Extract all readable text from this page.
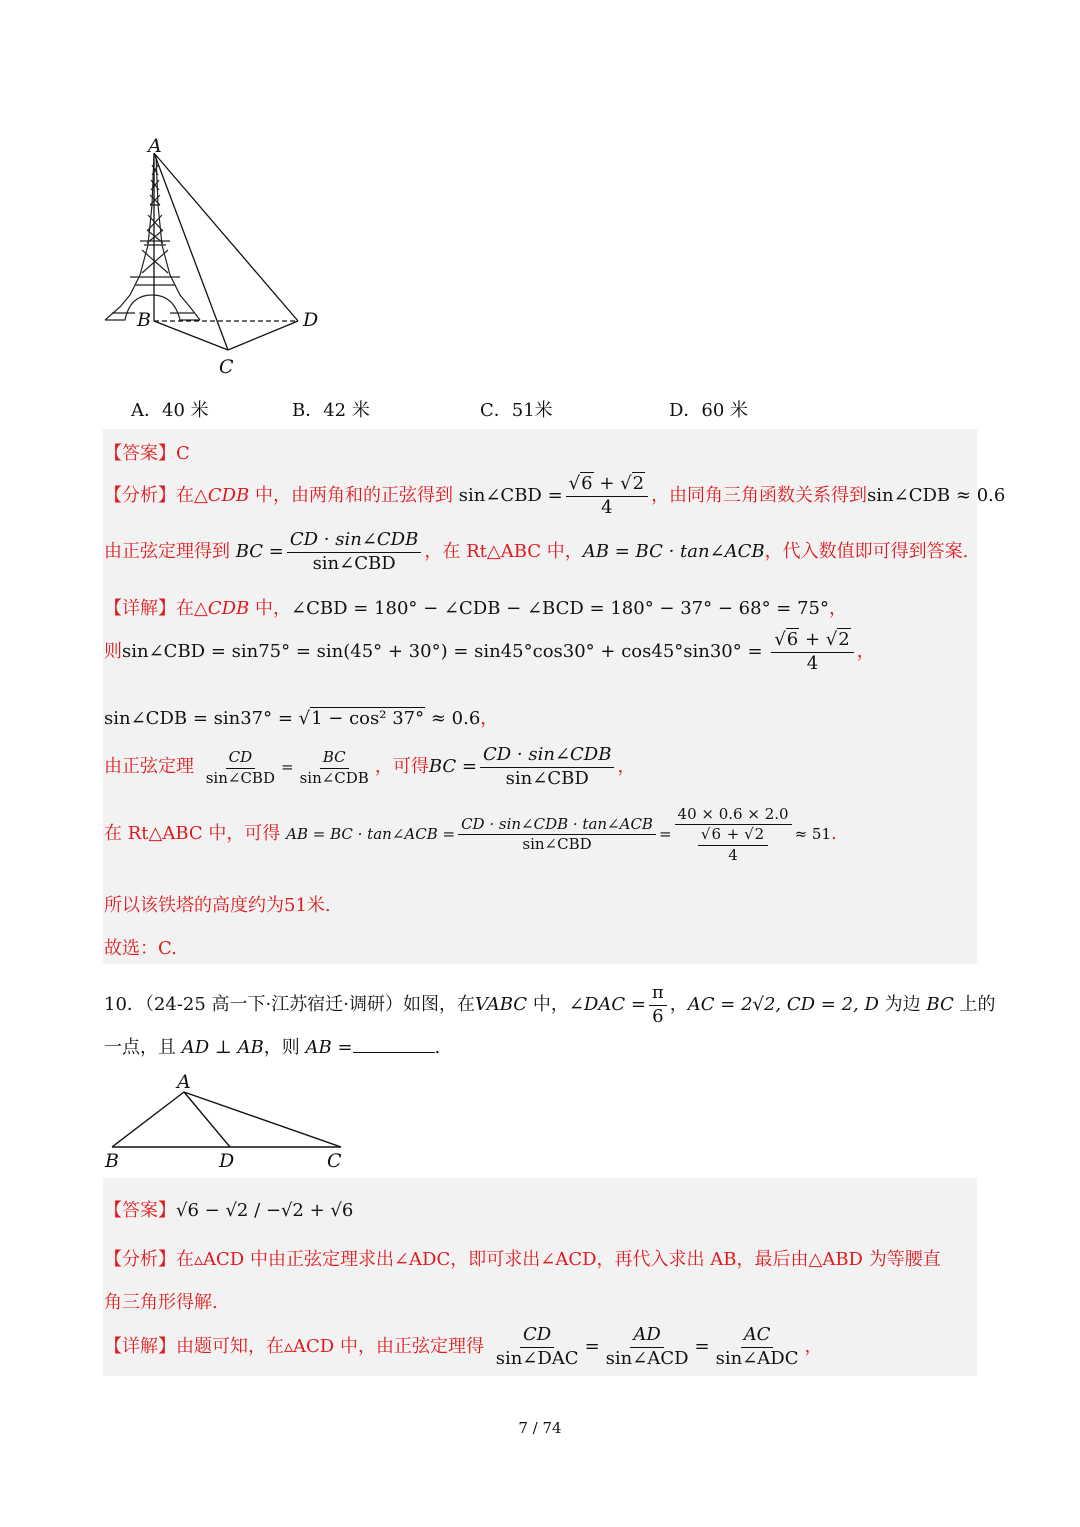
A
B	D
C
A．40 米	B．42 米	C．51米	D．60 米
【答案】C
【分析】在△CDB 中，由两角和的正弦得到 sin∠CBD = $\frac{√6 + √2}{4}$ ，由同角三角函数关系得到sin∠CDB ≈ 0.6
由正弦定理得到 BC = $\frac{\text{CD · sin∠CDB}}{\text{sin∠CBD}}$ ，在 Rt△ABC 中，AB = BC · tan∠ACB，代入数值即可得到答案.
【详解】在△CDB 中，∠CBD = 180° − ∠CDB − ∠BCD = 180° − 37° − 68° = 75°，
则sin∠CBD = $\sin 75^\circ = \sin(45^\circ + 30^\circ) = \sin 45^\circ\cos 30^\circ + \cos 45^\circ\sin 30^\circ = \frac{√6 + √2}{4}$ ，
sin∠CDB = sin37° = √1 − cos² 37° ≈ 0.6，
由正弦定理 $\frac{CD}{\text{sin∠CBD}} = \frac{BC}{\text{sin∠CDB}}$ ，可得BC = $\frac{\text{CD · sin∠CDB}}{\text{sin∠CBD}}$ ，
在 Rt△ABC 中，可得 AB = BC · tan∠ACB = $\frac{\text{CD · sin∠CDB · tan∠ACB}}{\text{sin∠CBD}} = \frac{40 \times 0.6 \times 2.0}{\frac{√6 + √2}{4}} \approx 51$.
所以该铁塔的高度约为51米.
故选：C.
10．（24-25 高一下·江苏宿迁·调研）如图，在VABC 中，∠DAC = $\frac{\pi}{6}$ ，AC = 2√2, CD = 2, D 为边 BC 上的
一点，且 AD ⊥ AB，则 AB =	.
A
B	D	C
【答案】√6 − √2 / −√2 + √6
【分析】在▵ACD 中由正弦定理求出∠ADC，即可求出∠ACD，再代入求出 AB，最后由△ABD 为等腰直
角三角形得解.
【详解】由题可知，在▵ACD 中，由正弦定理得 $\frac{CD}{\text{sin∠DAC}} = \frac{AD}{\text{sin∠ACD}} = \frac{AC}{\text{sin∠ADC}}$ ，
7 / 74
